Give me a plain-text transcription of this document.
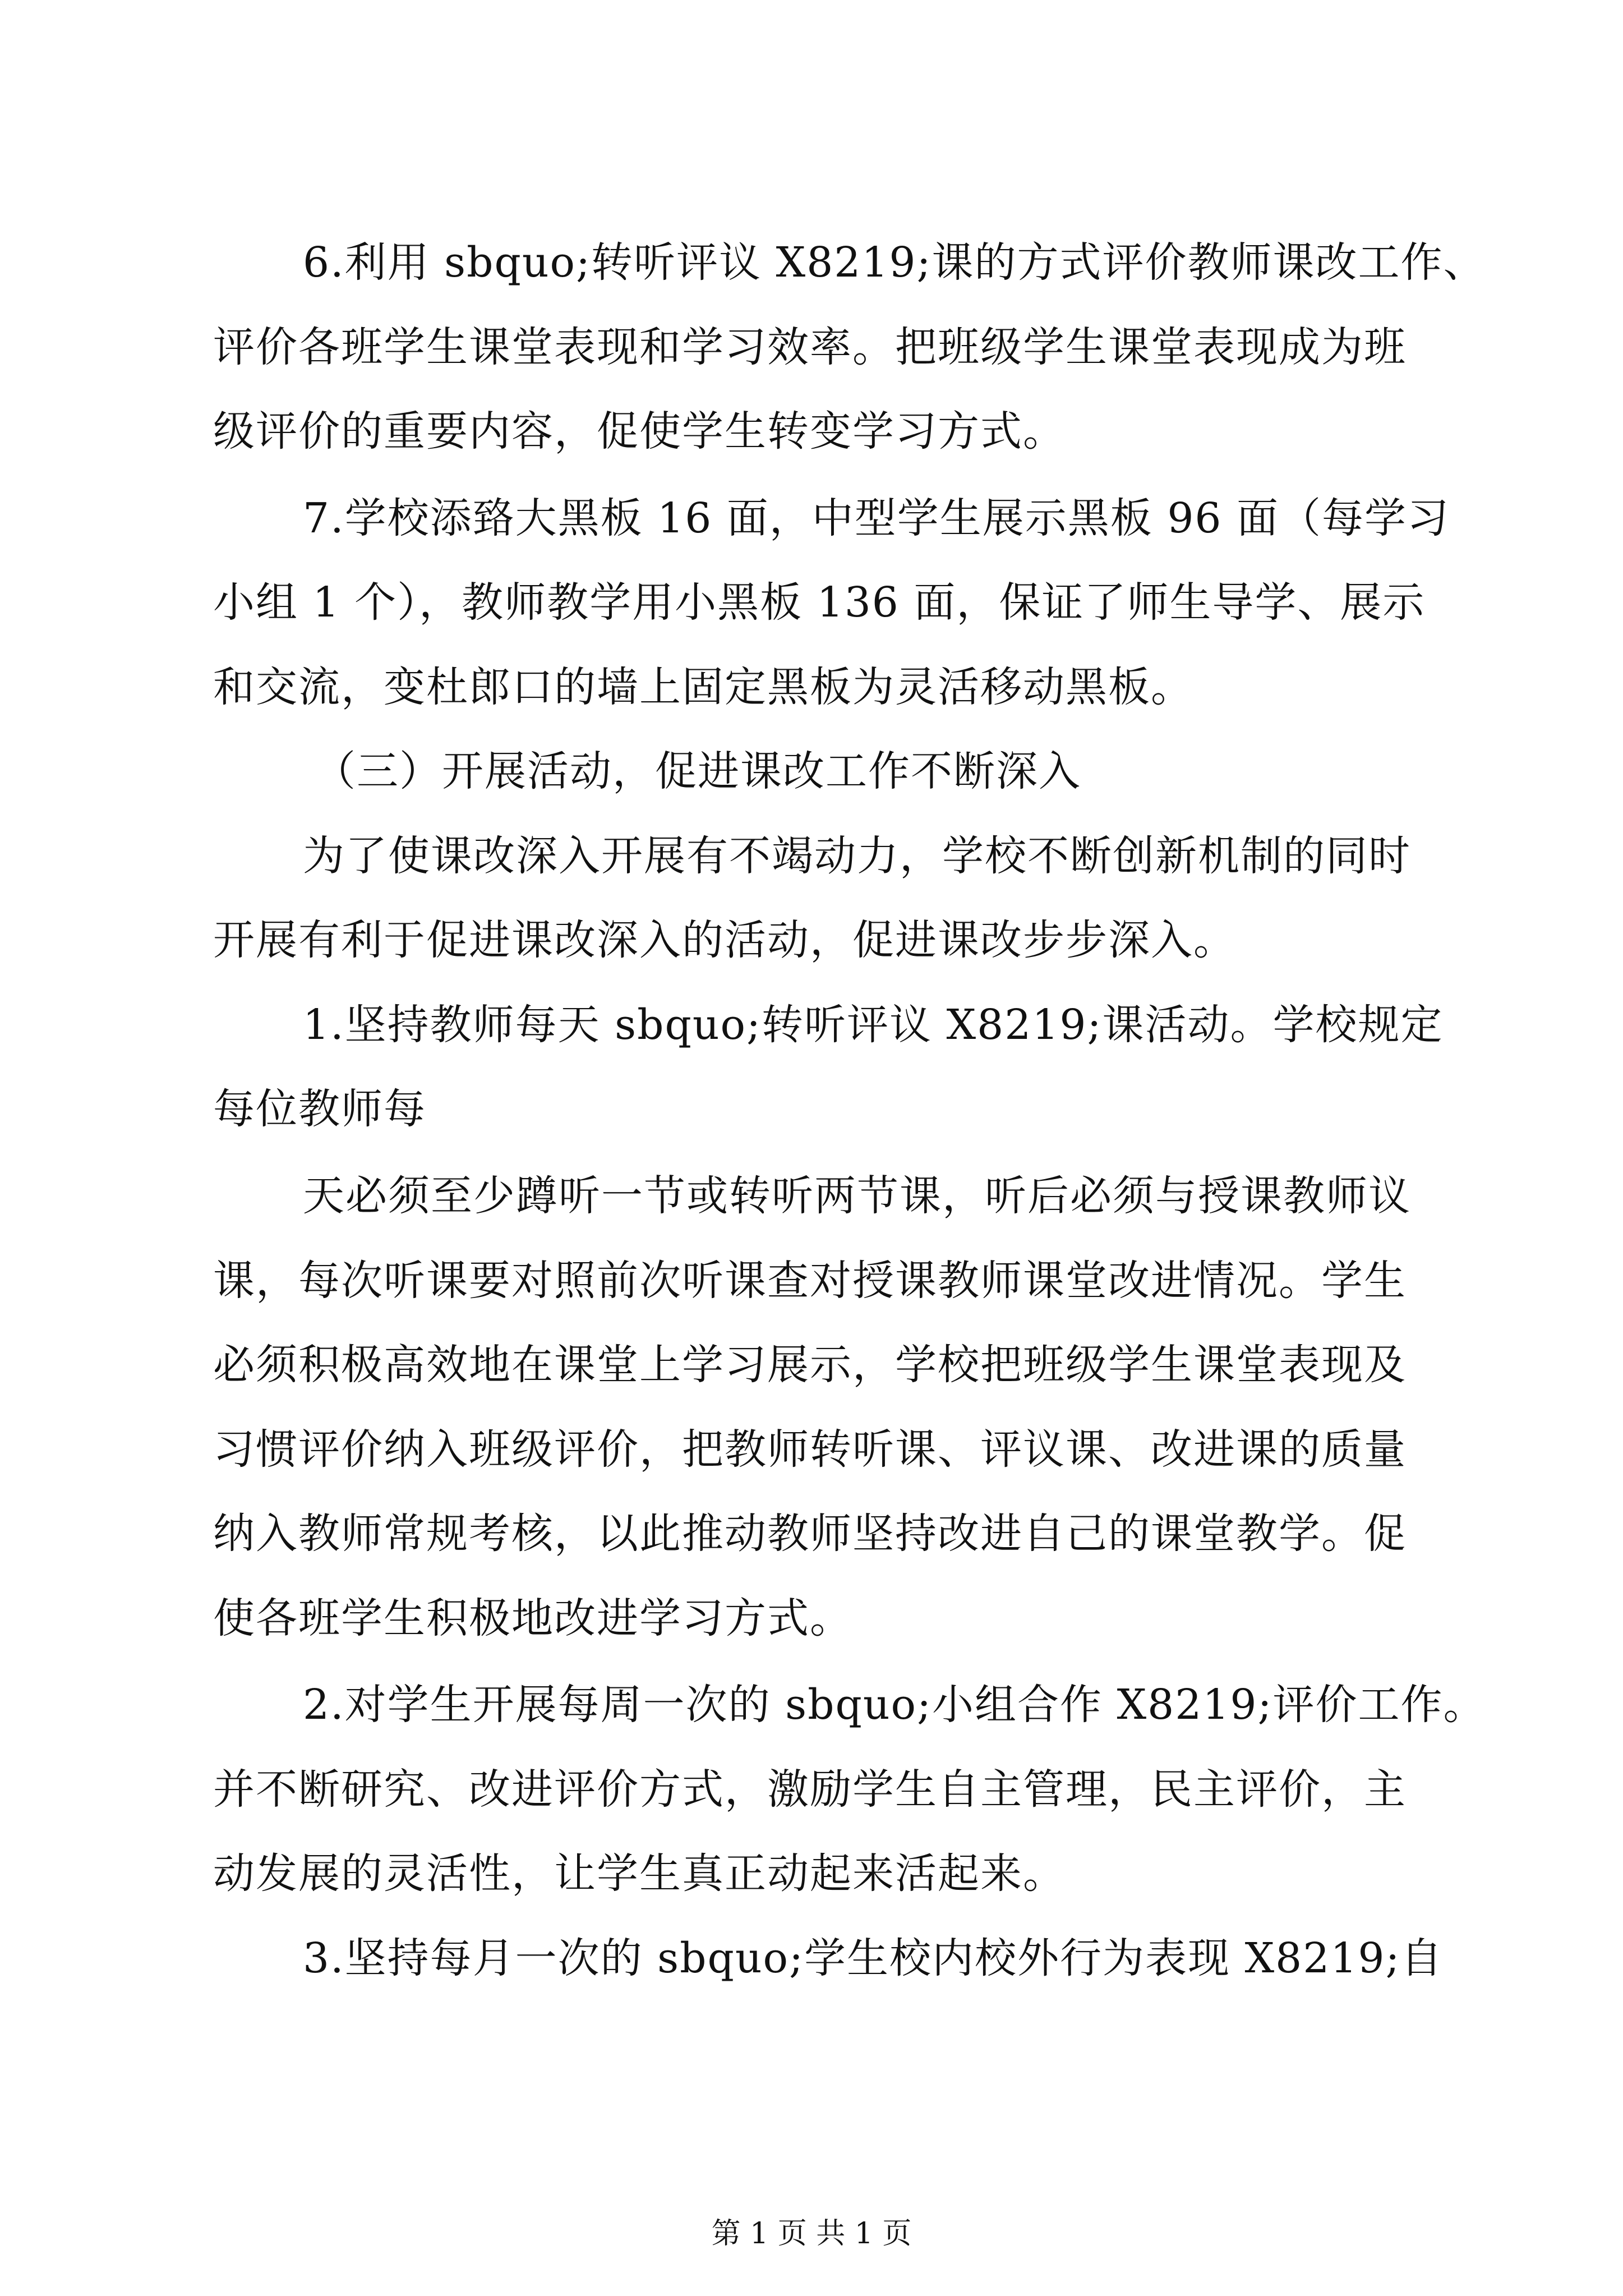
6.利用 sbquo;转听评议 X8219;课的方式评价教师课改工作、
评价各班学生课堂表现和学习效率。把班级学生课堂表现成为班
级评价的重要内容，促使学生转变学习方式。
7.学校添臵大黑板 16 面，中型学生展示黑板 96 面（每学习
小组 1 个），教师教学用小黑板 136 面，保证了师生导学、展示
和交流，变杜郎口的墙上固定黑板为灵活移动黑板。
（三）开展活动，促进课改工作不断深入
为了使课改深入开展有不竭动力，学校不断创新机制的同时
开展有利于促进课改深入的活动，促进课改步步深入。
1.坚持教师每天 sbquo;转听评议 X8219;课活动。学校规定
每位教师每
天必须至少蹲听一节或转听两节课，听后必须与授课教师议
课，每次听课要对照前次听课查对授课教师课堂改进情况。学生
必须积极高效地在课堂上学习展示，学校把班级学生课堂表现及
习惯评价纳入班级评价，把教师转听课、评议课、改进课的质量
纳入教师常规考核，以此推动教师坚持改进自己的课堂教学。促
使各班学生积极地改进学习方式。
2.对学生开展每周一次的 sbquo;小组合作 X8219;评价工作。
并不断研究、改进评价方式，激励学生自主管理，民主评价，主
动发展的灵活性，让学生真正动起来活起来。
3.坚持每月一次的 sbquo;学生校内校外行为表现 X8219;自
第 1 页 共 1 页
